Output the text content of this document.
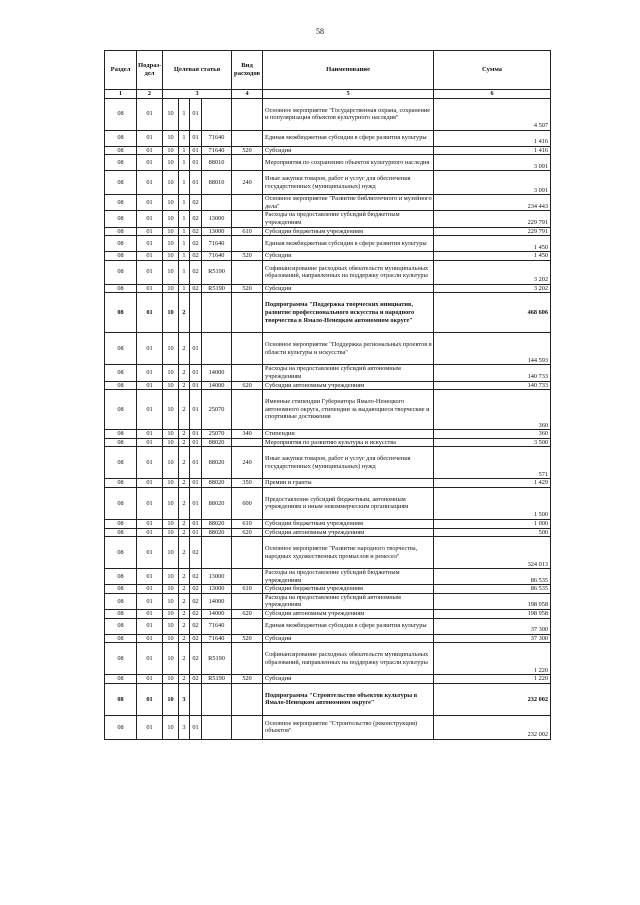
58
Раздел	Подраз-дел	Целевая статья				Вид расходов	Наименование	Сумма
1	2	3				4	5	6
08	01	10	1	01			Основное мероприятие "Государственная охрана, сохранение и популяризация объектов культурного наследия"	4 507
08	01	10	1	01	71640		Единая межбюджетная субсидия в сфере развития культуры	1 416
08	01	10	1	01	71640	520	Субсидии	1 416
08	01	10	1	01	88010		Мероприятия по сохранению объектов культурного наследия	3 091
08	01	10	1	01	88010	240	Иные закупки товаров, работ и услуг для обеспечения государственных (муниципальных) нужд	3 091
08	01	10	1	02			Основное мероприятие "Развитие библиотечного и музейного дела"	234 443
08	01	10	1	02	13000		Расходы на предоставление субсидий бюджетным учреждениям	229 791
08	01	10	1	02	13000	610	Субсидии бюджетным учреждениям	229 791
08	01	10	1	02	71640		Единая межбюджетная субсидия в сфере развития культуры	1 450
08	01	10	1	02	71640	520	Субсидии	1 450
08	01	10	1	02	R5190		Софинансирование расходных обязательств муниципальных образований, направленных на поддержку отрасли культуры	3 202
08	01	10	1	02	R5190	520	Субсидии	3 202
08	01	10	2				Подпрограмма "Поддержка творческих инициатив, развитие профессионального искусства и народного творчества в Ямало-Ненецком автономном округе"	468 606
08	01	10	2	01			Основное мероприятие "Поддержка региональных проектов в области культуры и искусства"	144 593
08	01	10	2	01	14000		Расходы на предоставление субсидий автономным учреждениям	140 733
08	01	10	2	01	14000	620	Субсидии автономным учреждениям	140 733
08	01	10	2	01	25070		Именные стипендии Губернатора Ямало-Ненецкого автономного округа, стипендии за выдающиеся творческие и спортивные достижения	360
08	01	10	2	01	25070	340	Стипендии	360
08	01	10	2	01	88020		Мероприятия по развитию культуры и искусства	3 500
08	01	10	2	01	88020	240	Иные закупки товаров, работ и услуг для обеспечения государственных (муниципальных) нужд	571
08	01	10	2	01	88020	350	Премии и гранты	1 429
08	01	10	2	01	88020	600	Предоставление субсидий бюджетным, автономным учреждениям и иным некоммерческим организациям	1 500
08	01	10	2	01	88020	610	Субсидии бюджетным учреждениям	1 000
08	01	10	2	01	88020	620	Субсидии автономным учреждениям	500
08	01	10	2	02			Основное мероприятие "Развитие народного творчества, народных художественных промыслов и ремесел"	324 013
08	01	10	2	02	13000		Расходы на предоставление субсидий бюджетным учреждениям	86 535
08	01	10	2	02	13000	610	Субсидии бюджетным учреждениям	86 535
08	01	10	2	02	14000		Расходы на предоставление субсидий автономным учреждениям	198 958
08	01	10	2	02	14000	620	Субсидии автономным учреждениям	198 958
08	01	10	2	02	71640		Единая межбюджетная субсидия в сфере развития культуры	37 300
08	01	10	2	02	71640	520	Субсидии	37 300
08	01	10	2	02	R5190		Софинансирование расходных обязательств муниципальных образований, направленных на поддержку отрасли культуры	1 220
08	01	10	2	02	R5190	520	Субсидии	1 220
08	01	10	3				Подпрограмма "Строительство объектов культуры в Ямало-Ненецком автономном округе"	232 002
08	01	10	3	01			Основное мероприятие "Строительство (реконструкция) объектов"	232 002
